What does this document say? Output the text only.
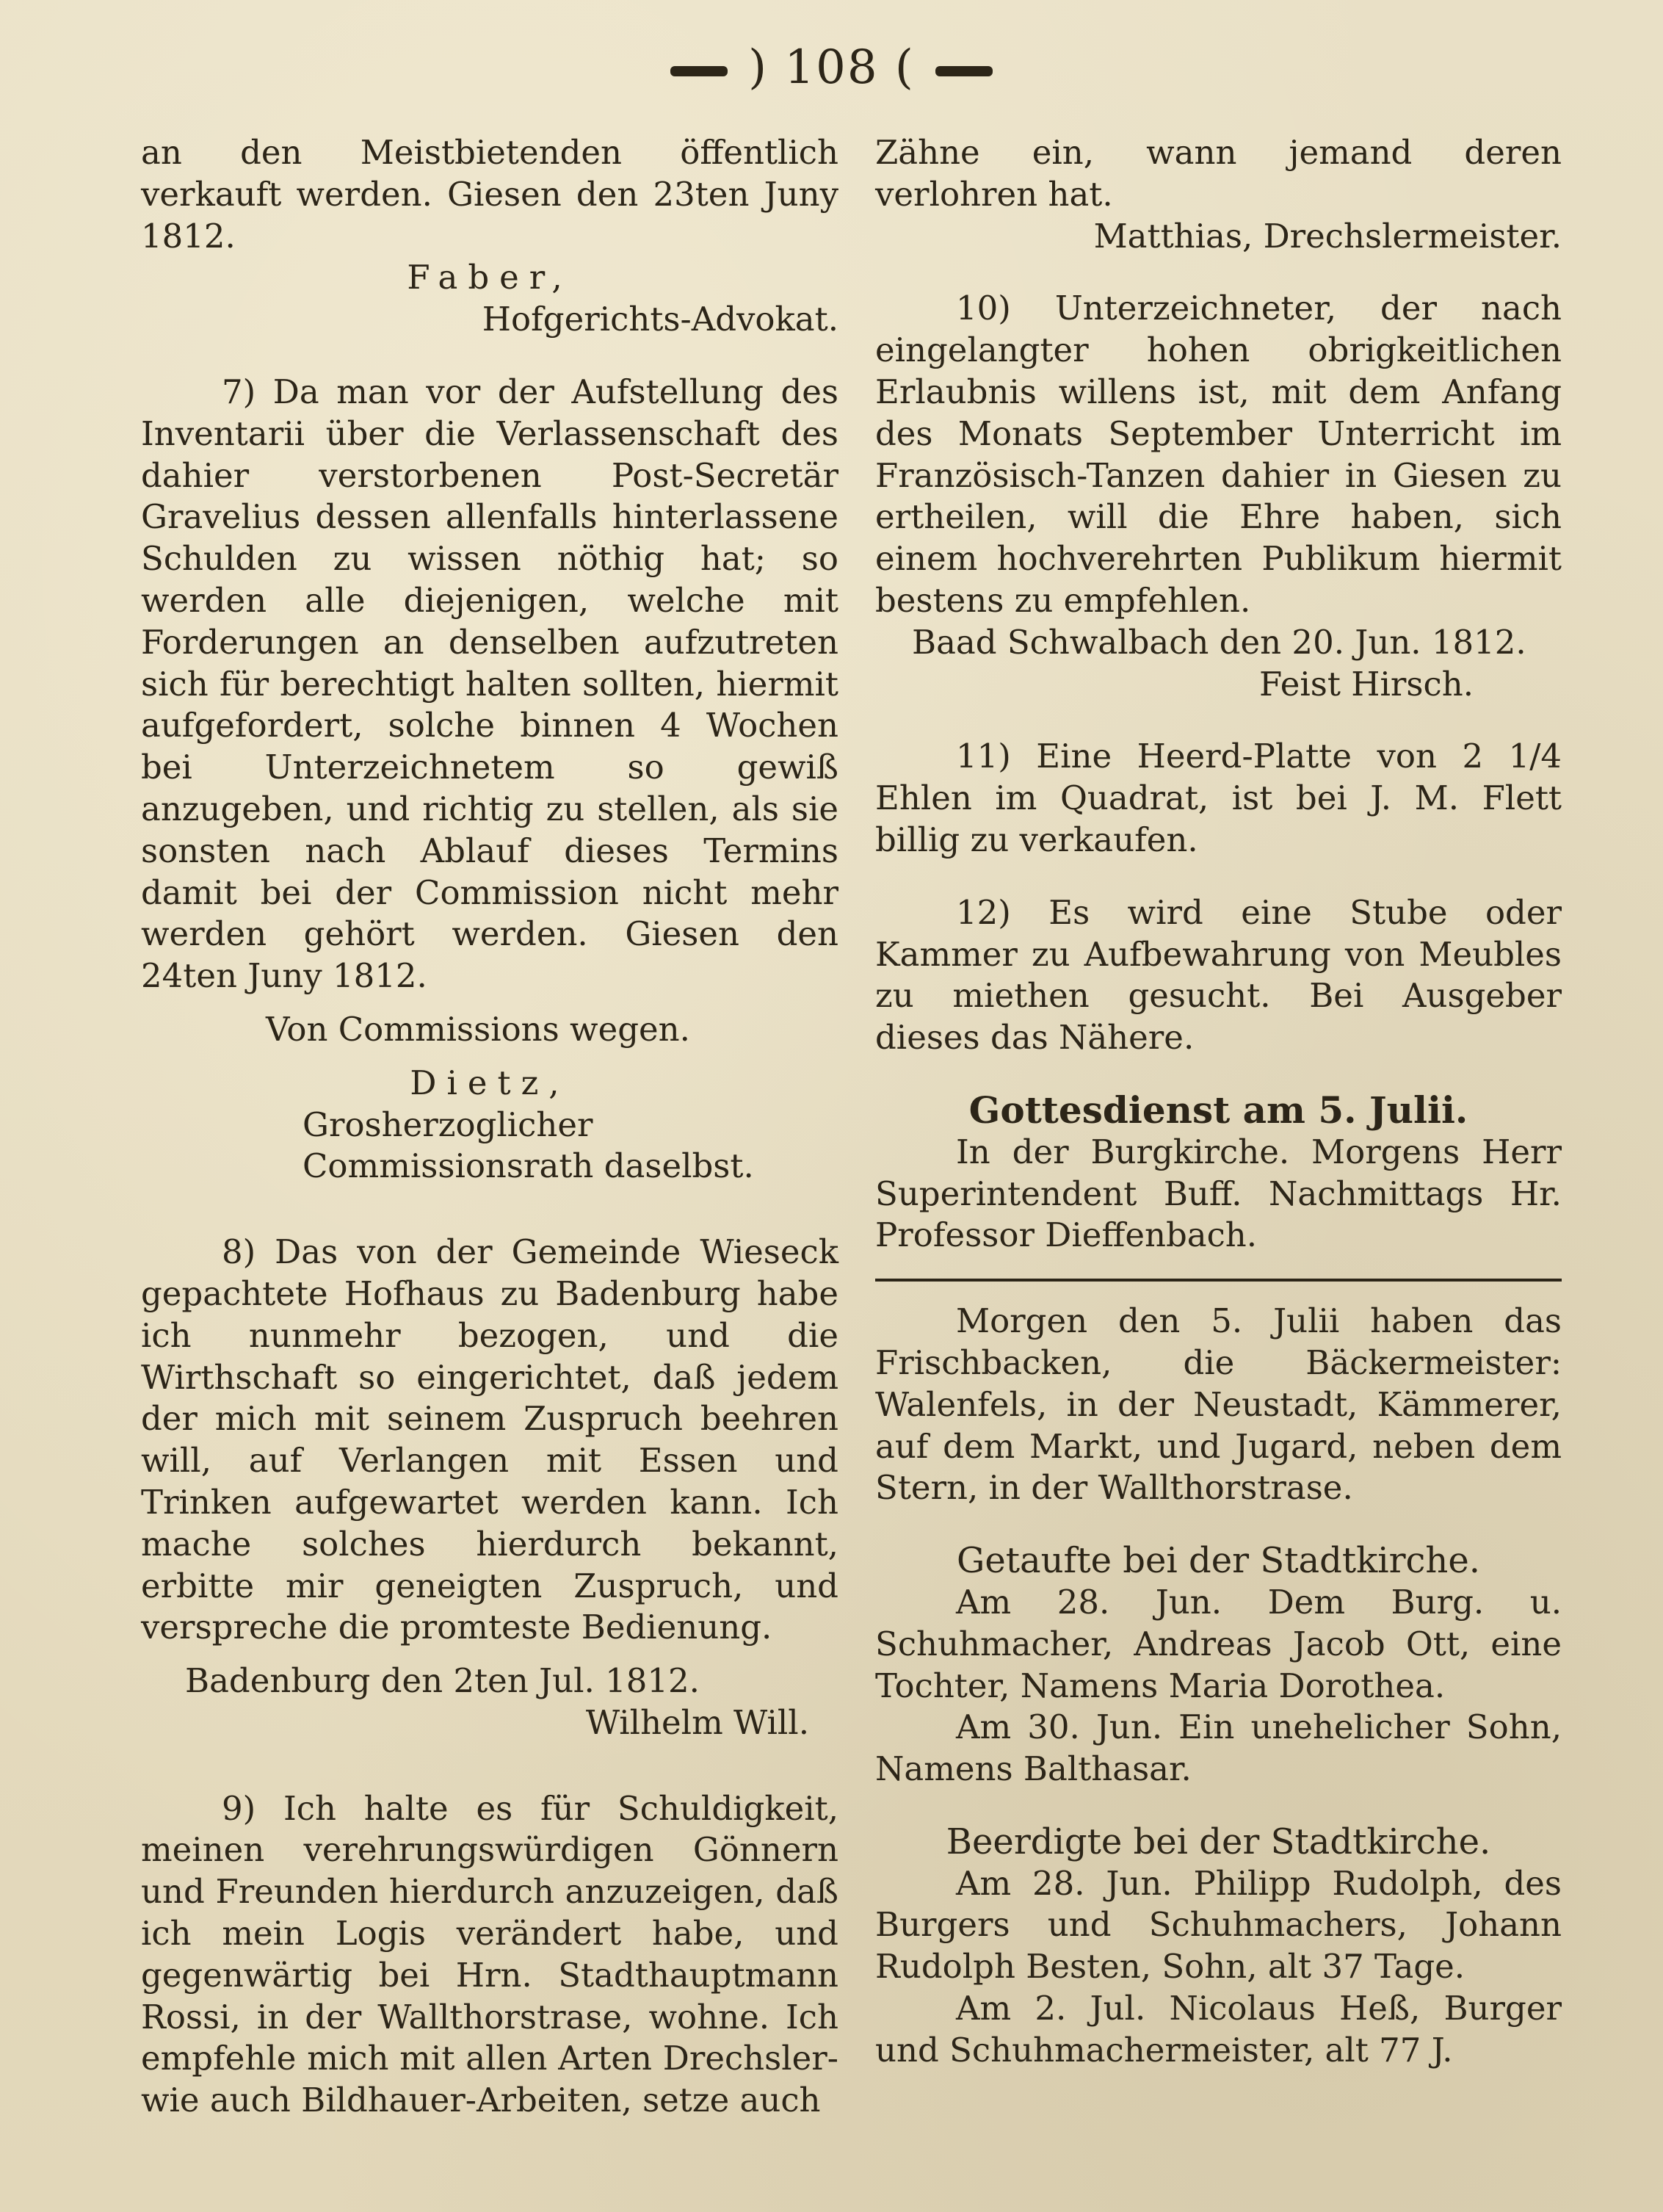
) 108 (

an den Meistbietenden öffentlich verkauft werden. Giesen den 23ten Juny 1812.

Faber,

Hofgerichts-Advokat.

7) Da man vor der Aufstellung des Inventarii über die Verlassenschaft des dahier verstorbenen Post-Secretär Gravelius dessen allenfalls hinterlassene Schulden zu wissen nöthig hat; so werden alle diejenigen, welche mit Forderungen an denselben aufzutreten sich für berechtigt halten sollten, hiermit aufgefordert, solche binnen 4 Wochen bei Unterzeichnetem so gewiß anzugeben, und richtig zu stellen, als sie sonsten nach Ablauf dieses Termins damit bei der Commission nicht mehr werden gehört werden. Giesen den 24ten Juny 1812.

Von Commissions wegen.

Dietz,

Grosherzoglicher Commissionsrath daselbst.

8) Das von der Gemeinde Wieseck gepachtete Hofhaus zu Badenburg habe ich nunmehr bezogen, und die Wirthschaft so eingerichtet, daß jedem der mich mit seinem Zuspruch beehren will, auf Verlangen mit Essen und Trinken aufgewartet werden kann. Ich mache solches hierdurch bekannt, erbitte mir geneigten Zuspruch, und verspreche die promteste Bedienung.

Badenburg den 2ten Jul. 1812.

Wilhelm Will.

9) Ich halte es für Schuldigkeit, meinen verehrungswürdigen Gönnern und Freunden hierdurch anzuzeigen, daß ich mein Logis verändert habe, und gegenwärtig bei Hrn. Stadthauptmann Rossi, in der Wallthorstrase, wohne. Ich empfehle mich mit allen Arten Drechsler- wie auch Bildhauer-Arbeiten, setze auch

Zähne ein, wann jemand deren verlohren hat.

Matthias, Drechslermeister.

10) Unterzeichneter, der nach eingelangter hohen obrigkeitlichen Erlaubnis willens ist, mit dem Anfang des Monats September Unterricht im Französisch-Tanzen dahier in Giesen zu ertheilen, will die Ehre haben, sich einem hochverehrten Publikum hiermit bestens zu empfehlen.

Baad Schwalbach den 20. Jun. 1812.

Feist Hirsch.

11) Eine Heerd-Platte von 2 1/4 Ehlen im Quadrat, ist bei J. M. Flett billig zu verkaufen.

12) Es wird eine Stube oder Kammer zu Aufbewahrung von Meubles zu miethen gesucht. Bei Ausgeber dieses das Nähere.

Gottesdienst am 5. Julii.

In der Burgkirche. Morgens Herr Superintendent Buff. Nachmittags Hr. Professor Dieffenbach.

Morgen den 5. Julii haben das Frischbacken, die Bäckermeister: Walenfels, in der Neustadt, Kämmerer, auf dem Markt, und Jugard, neben dem Stern, in der Wallthorstrase.

Getaufte bei der Stadtkirche.

Am 28. Jun. Dem Burg. u. Schuhmacher, Andreas Jacob Ott, eine Tochter, Namens Maria Dorothea.

Am 30. Jun. Ein unehelicher Sohn, Namens Balthasar.

Beerdigte bei der Stadtkirche.

Am 28. Jun. Philipp Rudolph, des Burgers und Schuhmachers, Johann Rudolph Besten, Sohn, alt 37 Tage.

Am 2. Jul. Nicolaus Heß, Burger und Schuhmachermeister, alt 77 J.
